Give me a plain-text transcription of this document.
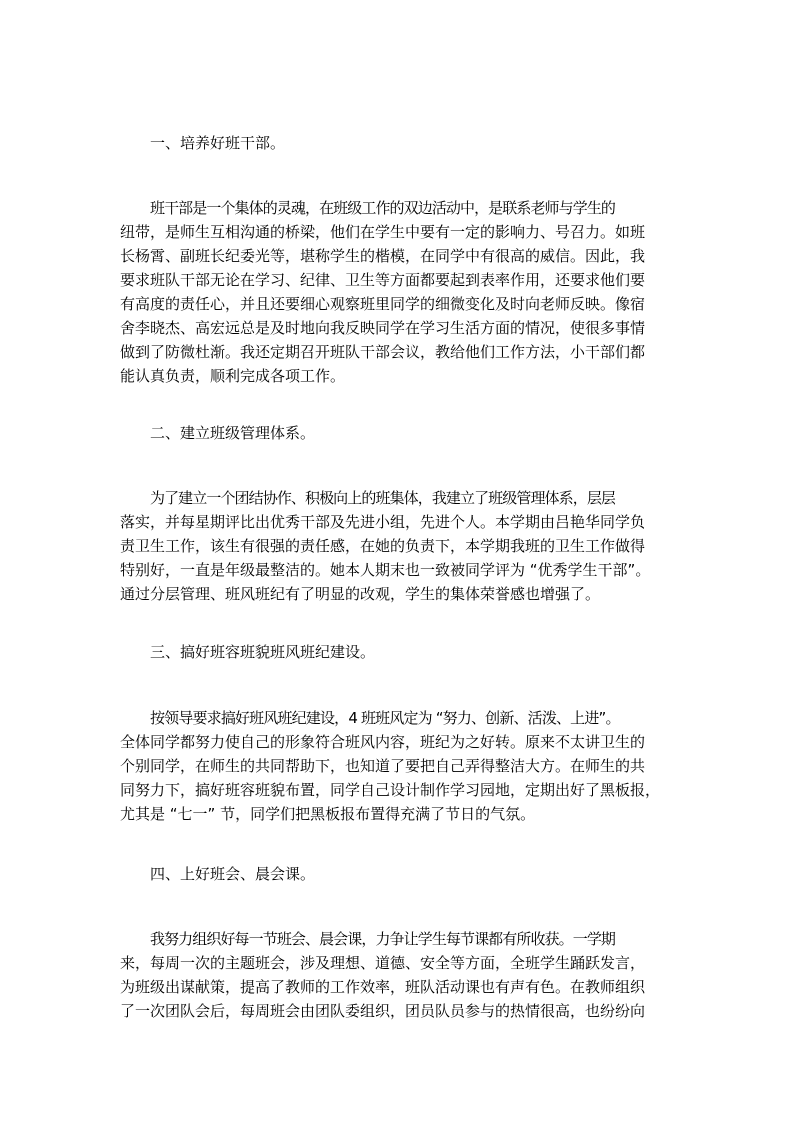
一、培养好班干部。
班干部是一个集体的灵魂，在班级工作的双边活动中，是联系老师与学生的
纽带，是师生互相沟通的桥梁，他们在学生中要有一定的影响力、号召力。如班
长杨霄、副班长纪委光等，堪称学生的楷模，在同学中有很高的威信。因此，我
要求班队干部无论在学习、纪律、卫生等方面都要起到表率作用，还要求他们要
有高度的责任心，并且还要细心观察班里同学的细微变化及时向老师反映。像宿
舍李晓杰、高宏远总是及时地向我反映同学在学习生活方面的情况，使很多事情
做到了防微杜渐。我还定期召开班队干部会议，教给他们工作方法，小干部们都
能认真负责，顺利完成各项工作。
二、建立班级管理体系。
为了建立一个团结协作、积极向上的班集体，我建立了班级管理体系，层层
落实，并每星期评比出优秀干部及先进小组，先进个人。本学期由吕艳华同学负
责卫生工作，该生有很强的责任感，在她的负责下，本学期我班的卫生工作做得
特别好，一直是年级最整洁的。她本人期末也一致被同学评为 “优秀学生干部”。
通过分层管理、班风班纪有了明显的改观，学生的集体荣誉感也增强了。
三、搞好班容班貌班风班纪建设。
按领导要求搞好班风班纪建设，4 班班风定为 “努力、创新、活泼、上进”。
全体同学都努力使自己的形象符合班风内容，班纪为之好转。原来不太讲卫生的
个别同学，在师生的共同帮助下，也知道了要把自己弄得整洁大方。在师生的共
同努力下，搞好班容班貌布置，同学自己设计制作学习园地，定期出好了黑板报，
尤其是 “七一” 节，同学们把黑板报布置得充满了节日的气氛。
四、上好班会、晨会课。
我努力组织好每一节班会、晨会课，力争让学生每节课都有所收获。一学期
来，每周一次的主题班会，涉及理想、道德、安全等方面，全班学生踊跃发言，
为班级出谋献策，提高了教师的工作效率，班队活动课也有声有色。在教师组织
了一次团队会后，每周班会由团队委组织，团员队员参与的热情很高，也纷纷向
